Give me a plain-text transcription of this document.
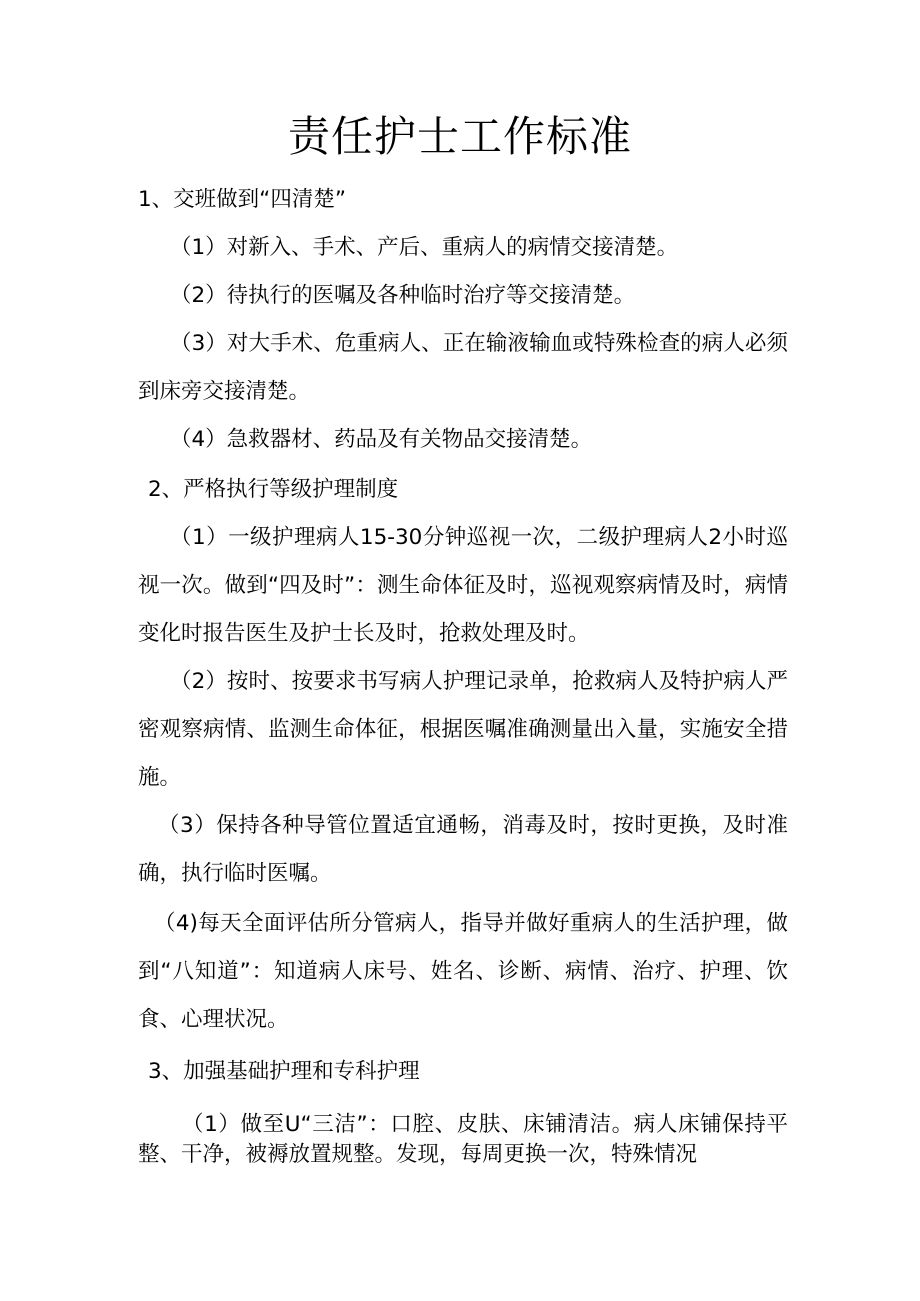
责任护士工作标准

1、交班做到“四清楚”

（1）对新入、手术、产后、重病人的病情交接清楚。

（2）待执行的医嘱及各种临时治疗等交接清楚。

（3）对大手术、危重病人、正在输液输血或特殊检查的病人必须到床旁交接清楚。

（4）急救器材、药品及有关物品交接清楚。

2、严格执行等级护理制度

（1）一级护理病人15-30分钟巡视一次，二级护理病人2小时巡视一次。做到“四及时”：测生命体征及时，巡视观察病情及时，病情变化时报告医生及护士长及时，抢救处理及时。

（2）按时、按要求书写病人护理记录单，抢救病人及特护病人严密观察病情、监测生命体征，根据医嘱准确测量出入量，实施安全措施。

（3）保持各种导管位置适宜通畅，消毒及时，按时更换，及时准确，执行临时医嘱。

（4)每天全面评估所分管病人，指导并做好重病人的生活护理，做到“八知道”：知道病人床号、姓名、诊断、病情、治疗、护理、饮食、心理状况。

3、加强基础护理和专科护理

（1）做至U“三洁”：口腔、皮肤、床铺清洁。病人床铺保持平整、干净，被褥放置规整。发现，每周更换一次，特殊情况
